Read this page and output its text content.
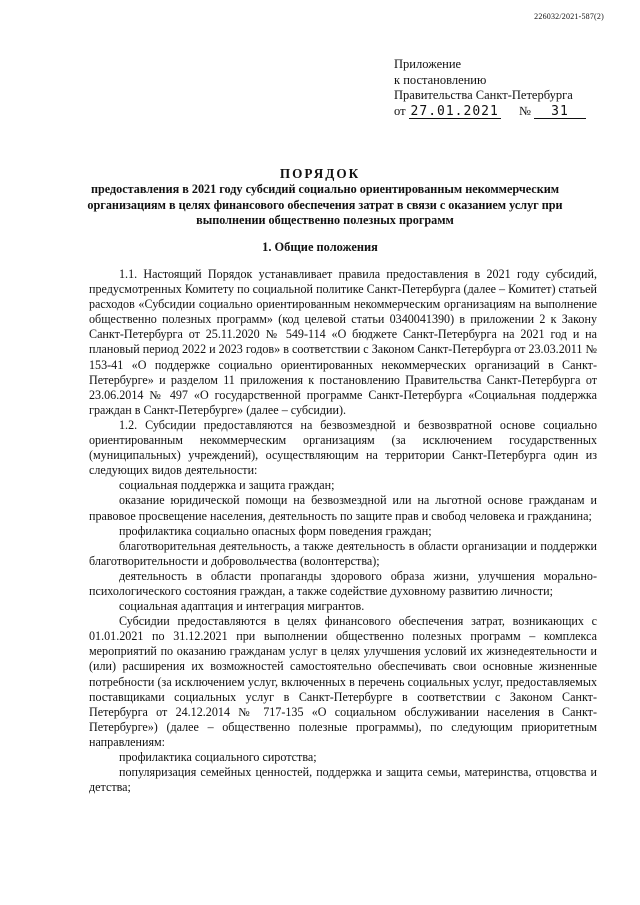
226032/2021-587(2)
Приложение
к постановлению
Правительства Санкт-Петербурга
от 27.01.2021 № 31
ПОРЯДОК
предоставления в 2021 году субсидий социально ориентированным некоммерческим организациям в целях финансового обеспечения затрат в связи с оказанием услуг при выполнении общественно полезных программ
1. Общие положения

1.1. Настоящий Порядок устанавливает правила предоставления в 2021 году субсидий, предусмотренных Комитету по социальной политике Санкт-Петербурга (далее – Комитет) статьей расходов «Субсидии социально ориентированным некоммерческим организациям на выполнение общественно полезных программ» (код целевой статьи 0340041390) в приложении 2 к Закону Санкт-Петербурга от 25.11.2020 № 549-114 «О бюджете Санкт-Петербурга на 2021 год и на плановый период 2022 и 2023 годов» в соответствии с Законом Санкт-Петербурга от 23.03.2011 № 153-41 «О поддержке социально ориентированных некоммерческих организаций в Санкт-Петербурге» и разделом 11 приложения к постановлению Правительства Санкт-Петербурга от 23.06.2014 № 497 «О государственной программе Санкт-Петербурга «Социальная поддержка граждан в Санкт-Петербурге» (далее – субсидии).

1.2. Субсидии предоставляются на безвозмездной и безвозвратной основе социально ориентированным некоммерческим организациям (за исключением государственных (муниципальных) учреждений), осуществляющим на территории Санкт-Петербурга один из следующих видов деятельности:

социальная поддержка и защита граждан;

оказание юридической помощи на безвозмездной или на льготной основе гражданам и правовое просвещение населения, деятельность по защите прав и свобод человека и гражданина;

профилактика социально опасных форм поведения граждан;

благотворительная деятельность, а также деятельность в области организации и поддержки благотворительности и добровольчества (волонтерства);

деятельность в области пропаганды здорового образа жизни, улучшения морально-психологического состояния граждан, а также содействие духовному развитию личности;

социальная адаптация и интеграция мигрантов.

Субсидии предоставляются в целях финансового обеспечения затрат, возникающих с 01.01.2021 по 31.12.2021 при выполнении общественно полезных программ – комплекса мероприятий по оказанию гражданам услуг в целях улучшения условий их жизнедеятельности и (или) расширения их возможностей самостоятельно обеспечивать свои основные жизненные потребности (за исключением услуг, включенных в перечень социальных услуг, предоставляемых поставщиками социальных услуг в Санкт-Петербурге в соответствии с Законом Санкт-Петербурга от 24.12.2014 № 717-135 «О социальном обслуживании населения в Санкт-Петербурге») (далее – общественно полезные программы), по следующим приоритетным направлениям:

профилактика социального сиротства;

популяризация семейных ценностей, поддержка и защита семьи, материнства, отцовства и детства;
